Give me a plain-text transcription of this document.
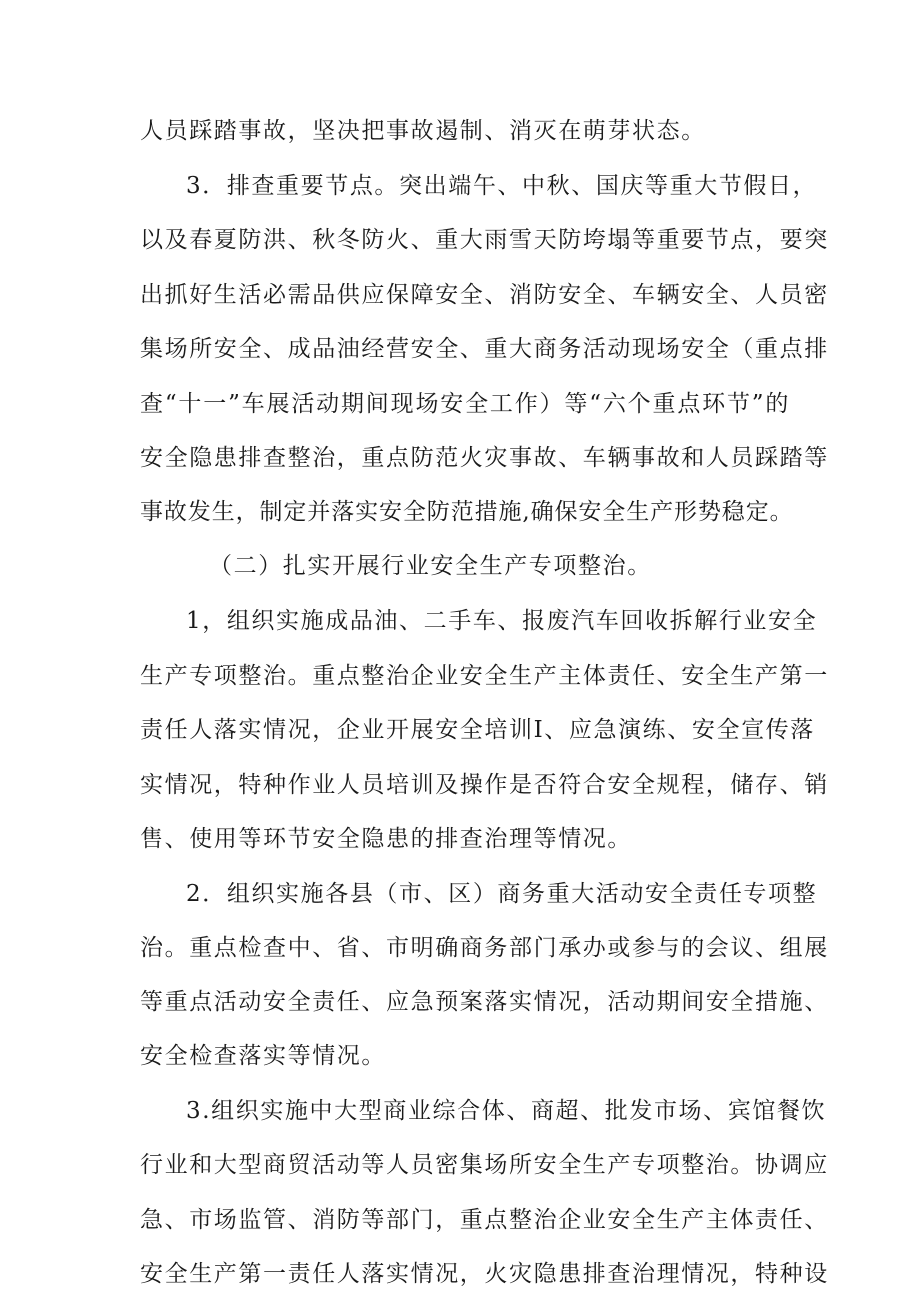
人员踩踏事故，坚决把事故遏制、消灭在萌芽状态。
3．排查重要节点。突出端午、中秋、国庆等重大节假日，
以及春夏防洪、秋冬防火、重大雨雪天防垮塌等重要节点，要突
出抓好生活必需品供应保障安全、消防安全、车辆安全、人员密
集场所安全、成品油经营安全、重大商务活动现场安全（重点排
查“十一”车展活动期间现场安全工作）等“六个重点环节”的
安全隐患排查整治，重点防范火灾事故、车辆事故和人员踩踏等
事故发生，制定并落实安全防范措施,确保安全生产形势稳定。
（二）扎实开展行业安全生产专项整治。
1，组织实施成品油、二手车、报废汽车回收拆解行业安全
生产专项整治。重点整治企业安全生产主体责任、安全生产第一
责任人落实情况，企业开展安全培训I、应急演练、安全宣传落
实情况，特种作业人员培训及操作是否符合安全规程，储存、销
售、使用等环节安全隐患的排查治理等情况。
2．组织实施各县（市、区）商务重大活动安全责任专项整
治。重点检查中、省、市明确商务部门承办或参与的会议、组展
等重点活动安全责任、应急预案落实情况，活动期间安全措施、
安全检查落实等情况。
3.组织实施中大型商业综合体、商超、批发市场、宾馆餐饮
行业和大型商贸活动等人员密集场所安全生产专项整治。协调应
急、市场监管、消防等部门，重点整治企业安全生产主体责任、
安全生产第一责任人落实情况，火灾隐患排查治理情况，特种设
